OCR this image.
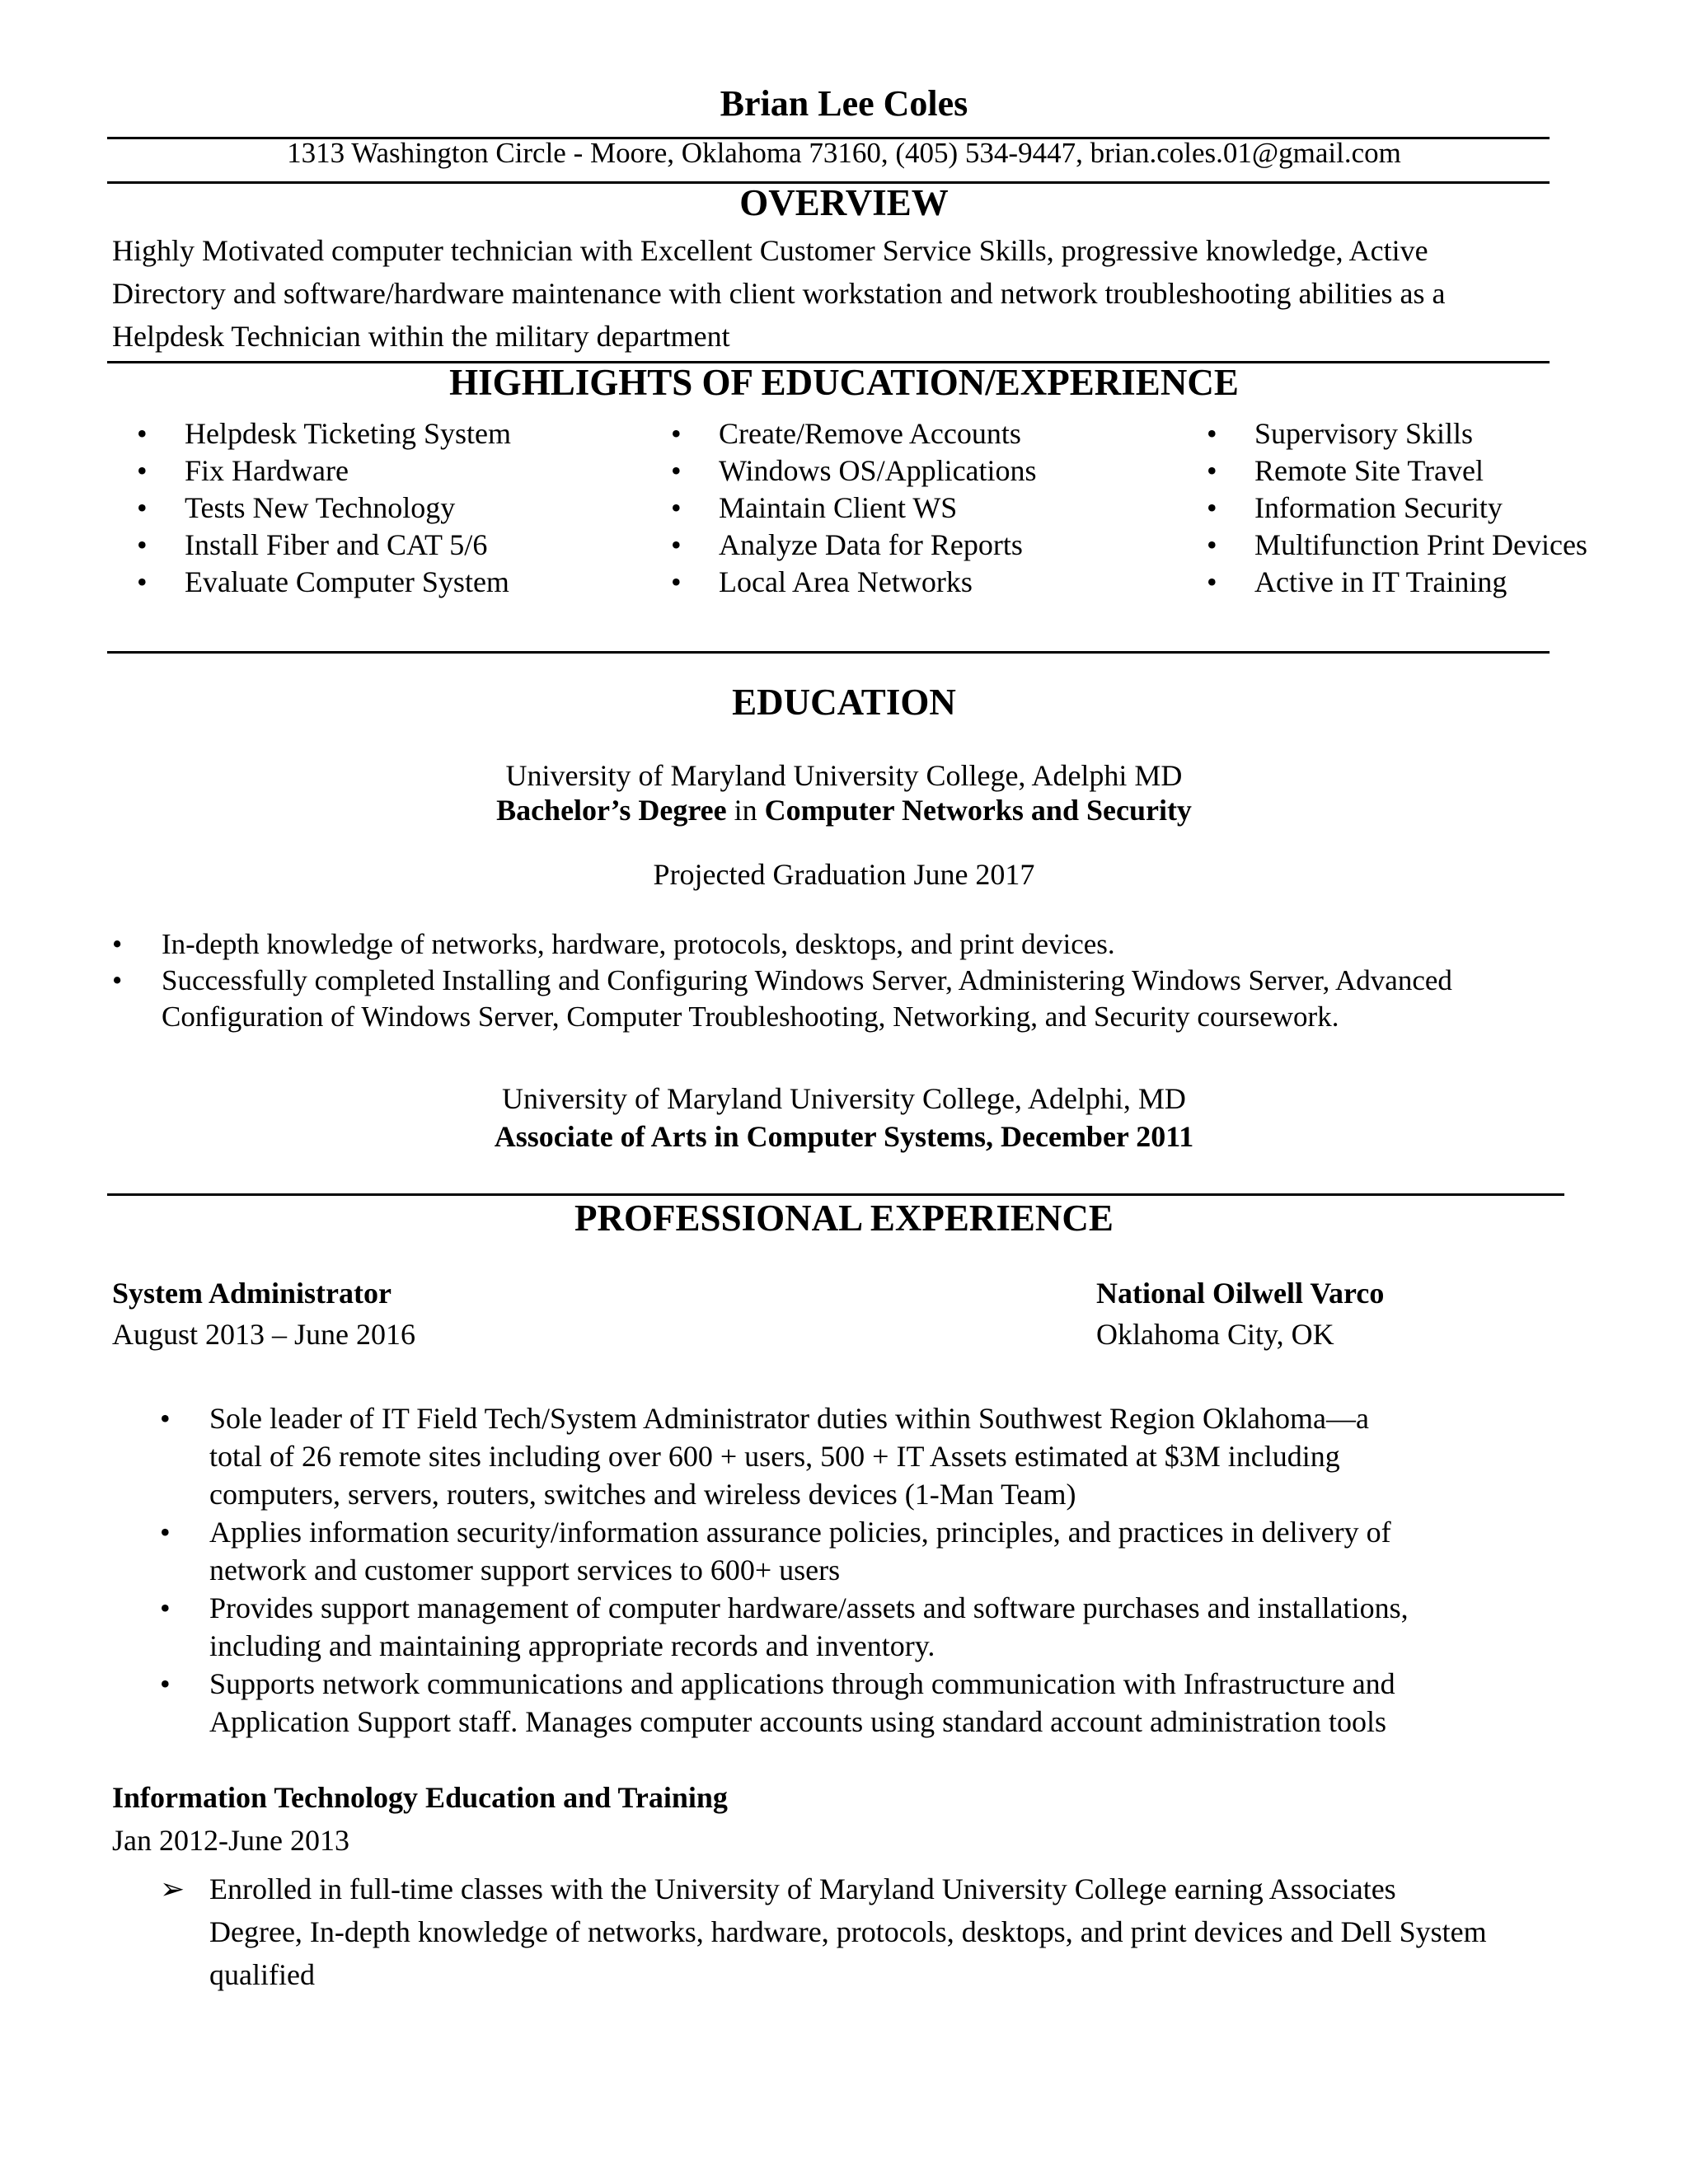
Brian Lee Coles
1313 Washington Circle - Moore, Oklahoma 73160, (405) 534-9447, brian.coles.01@gmail.com
OVERVIEW
Highly Motivated computer technician with Excellent Customer Service Skills, progressive knowledge, Active
Directory and software/hardware maintenance with client workstation and network troubleshooting abilities as a
Helpdesk Technician within the military department
HIGHLIGHTS OF EDUCATION/EXPERIENCE
• Helpdesk Ticketing System
• Fix Hardware
• Tests New Technology
• Install Fiber and CAT 5/6
• Evaluate Computer System
• Create/Remove Accounts
• Windows OS/Applications
• Maintain Client WS
• Analyze Data for Reports
• Local Area Networks
• Supervisory Skills
• Remote Site Travel
• Information Security
• Multifunction Print Devices
• Active in IT Training
EDUCATION
University of Maryland University College, Adelphi MD
Bachelor’s Degree in Computer Networks and Security
Projected Graduation June 2017
• In-depth knowledge of networks, hardware, protocols, desktops, and print devices.
• Successfully completed Installing and Configuring Windows Server, Administering Windows Server, Advanced
Configuration of Windows Server, Computer Troubleshooting, Networking, and Security coursework.
University of Maryland University College, Adelphi, MD
Associate of Arts in Computer Systems, December 2011
PROFESSIONAL EXPERIENCE
System Administrator
August 2013 – June 2016
National Oilwell Varco
Oklahoma City, OK
• Sole leader of IT Field Tech/System Administrator duties within Southwest Region Oklahoma—a
total of 26 remote sites including over 600 + users, 500 + IT Assets estimated at $3M including
computers, servers, routers, switches and wireless devices (1-Man Team)
• Applies information security/information assurance policies, principles, and practices in delivery of
network and customer support services to 600+ users
• Provides support management of computer hardware/assets and software purchases and installations,
including and maintaining appropriate records and inventory.
• Supports network communications and applications through communication with Infrastructure and
Application Support staff. Manages computer accounts using standard account administration tools
Information Technology Education and Training
Jan 2012-June 2013
➢ Enrolled in full-time classes with the University of Maryland University College earning Associates
Degree, In-depth knowledge of networks, hardware, protocols, desktops, and print devices and Dell System
qualified
